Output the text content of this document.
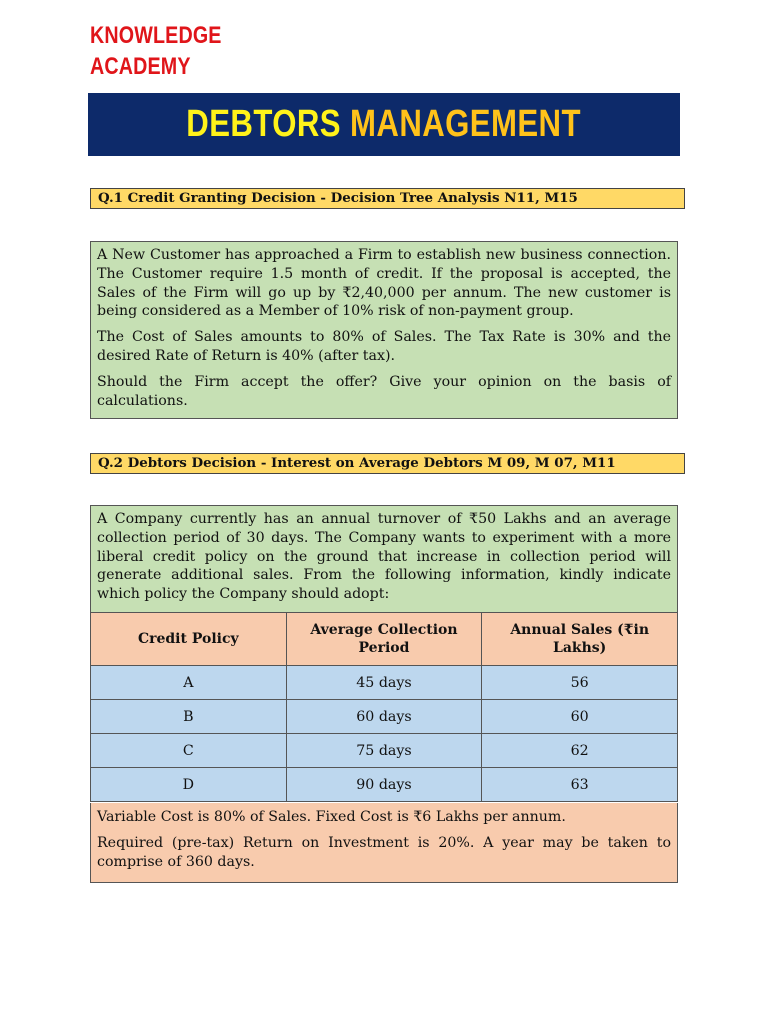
KNOWLEDGE
ACADEMY
DEBTORS MANAGEMENT
Q.1 Credit Granting Decision - Decision Tree Analysis N11, M15

A New Customer has approached a Firm to establish new business connection. The Customer require 1.5 month of credit. If the proposal is accepted, the Sales of the Firm will go up by ₹2,40,000 per annum. The new customer is being considered as a Member of 10% risk of non-payment group.

The Cost of Sales amounts to 80% of Sales. The Tax Rate is 30% and the desired Rate of Return is 40% (after tax).

Should the Firm accept the offer? Give your opinion on the basis of calculations.

Q.2 Debtors Decision - Interest on Average Debtors M 09, M 07, M11

A Company currently has an annual turnover of ₹50 Lakhs and an average collection period of 30 days. The Company wants to experiment with a more liberal credit policy on the ground that increase in collection period will generate additional sales. From the following information, kindly indicate which policy the Company should adopt:

Credit Policy	Average Collection Period	Annual Sales (₹in Lakhs)
A	45 days	56
B	60 days	60
C	75 days	62
D	90 days	63

Variable Cost is 80% of Sales. Fixed Cost is ₹6 Lakhs per annum.

Required (pre-tax) Return on Investment is 20%. A year may be taken to comprise of 360 days.
